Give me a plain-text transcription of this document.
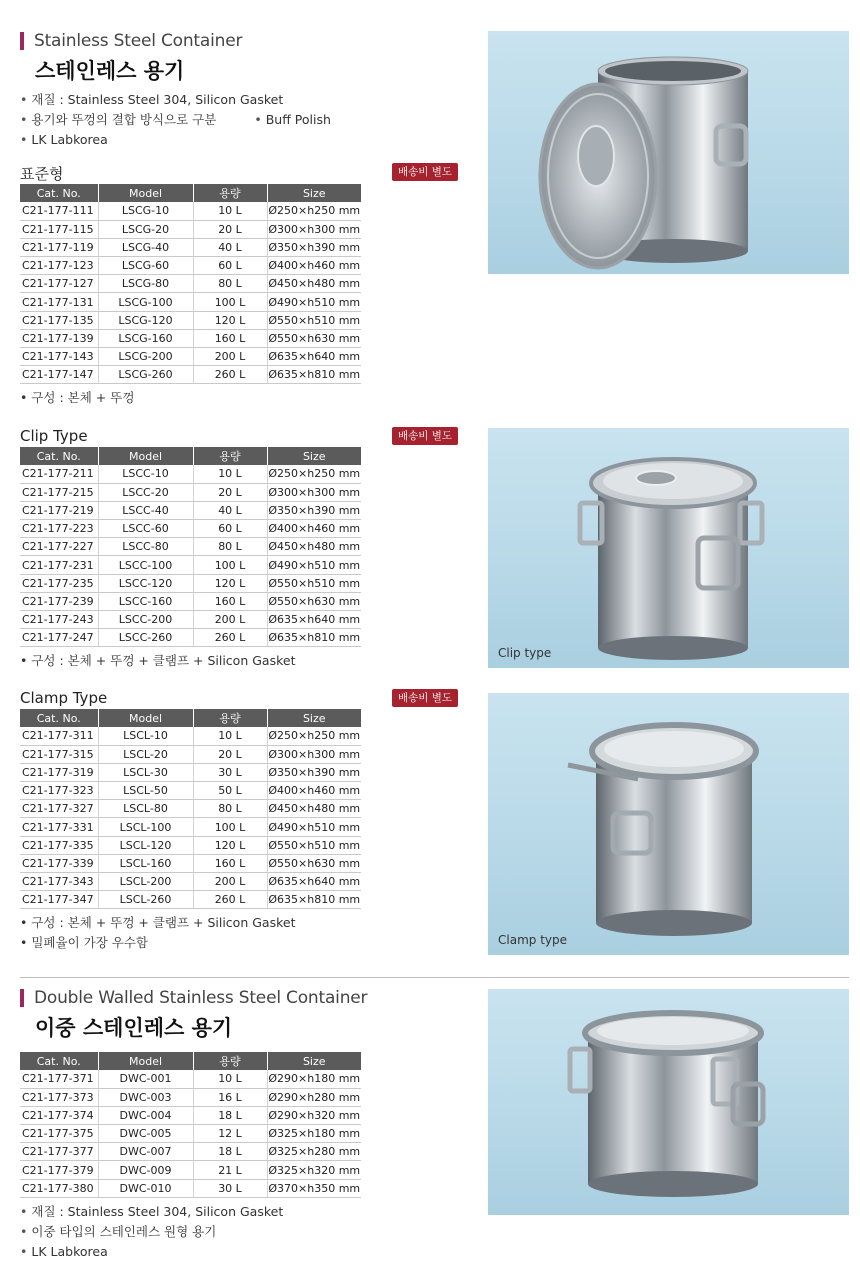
Stainless Steel Container
스테인레스 용기
• 재질 : Stainless Steel 304, Silicon Gasket
• 용기와 뚜껑의 결합 방식으로 구분	• Buff Polish
• LK Labkorea
표준형	배송비 별도
Cat. No.	Model	용량	Size
C21-177-111	LSCG-10	10 L	Ø250×h250 mm
C21-177-115	LSCG-20	20 L	Ø300×h300 mm
C21-177-119	LSCG-40	40 L	Ø350×h390 mm
C21-177-123	LSCG-60	60 L	Ø400×h460 mm
C21-177-127	LSCG-80	80 L	Ø450×h480 mm
C21-177-131	LSCG-100	100 L	Ø490×h510 mm
C21-177-135	LSCG-120	120 L	Ø550×h510 mm
C21-177-139	LSCG-160	160 L	Ø550×h630 mm
C21-177-143	LSCG-200	200 L	Ø635×h640 mm
C21-177-147	LSCG-260	260 L	Ø635×h810 mm
• 구성 : 본체 + 뚜껑
Clip Type	배송비 별도
Cat. No.	Model	용량	Size
C21-177-211	LSCC-10	10 L	Ø250×h250 mm
C21-177-215	LSCC-20	20 L	Ø300×h300 mm
C21-177-219	LSCC-40	40 L	Ø350×h390 mm
C21-177-223	LSCC-60	60 L	Ø400×h460 mm
C21-177-227	LSCC-80	80 L	Ø450×h480 mm
C21-177-231	LSCC-100	100 L	Ø490×h510 mm
C21-177-235	LSCC-120	120 L	Ø550×h510 mm
C21-177-239	LSCC-160	160 L	Ø550×h630 mm
C21-177-243	LSCC-200	200 L	Ø635×h640 mm
C21-177-247	LSCC-260	260 L	Ø635×h810 mm
• 구성 : 본체 + 뚜껑 + 클램프 + Silicon Gasket	Clip type
Clamp Type	배송비 별도
Cat. No.	Model	용량	Size
C21-177-311	LSCL-10	10 L	Ø250×h250 mm
C21-177-315	LSCL-20	20 L	Ø300×h300 mm
C21-177-319	LSCL-30	30 L	Ø350×h390 mm
C21-177-323	LSCL-50	50 L	Ø400×h460 mm
C21-177-327	LSCL-80	80 L	Ø450×h480 mm
C21-177-331	LSCL-100	100 L	Ø490×h510 mm
C21-177-335	LSCL-120	120 L	Ø550×h510 mm
C21-177-339	LSCL-160	160 L	Ø550×h630 mm
C21-177-343	LSCL-200	200 L	Ø635×h640 mm
C21-177-347	LSCL-260	260 L	Ø635×h810 mm
• 구성 : 본체 + 뚜껑 + 클램프 + Silicon Gasket
• 밀폐율이 가장 우수함	Clamp type
Double Walled Stainless Steel Container
이중 스테인레스 용기
Cat. No.	Model	용량	Size
C21-177-371	DWC-001	10 L	Ø290×h180 mm
C21-177-373	DWC-003	16 L	Ø290×h280 mm
C21-177-374	DWC-004	18 L	Ø290×h320 mm
C21-177-375	DWC-005	12 L	Ø325×h180 mm
C21-177-377	DWC-007	18 L	Ø325×h280 mm
C21-177-379	DWC-009	21 L	Ø325×h320 mm
C21-177-380	DWC-010	30 L	Ø370×h350 mm
• 재질 : Stainless Steel 304, Silicon Gasket
• 이중 타입의 스테인레스 원형 용기
• LK Labkorea
